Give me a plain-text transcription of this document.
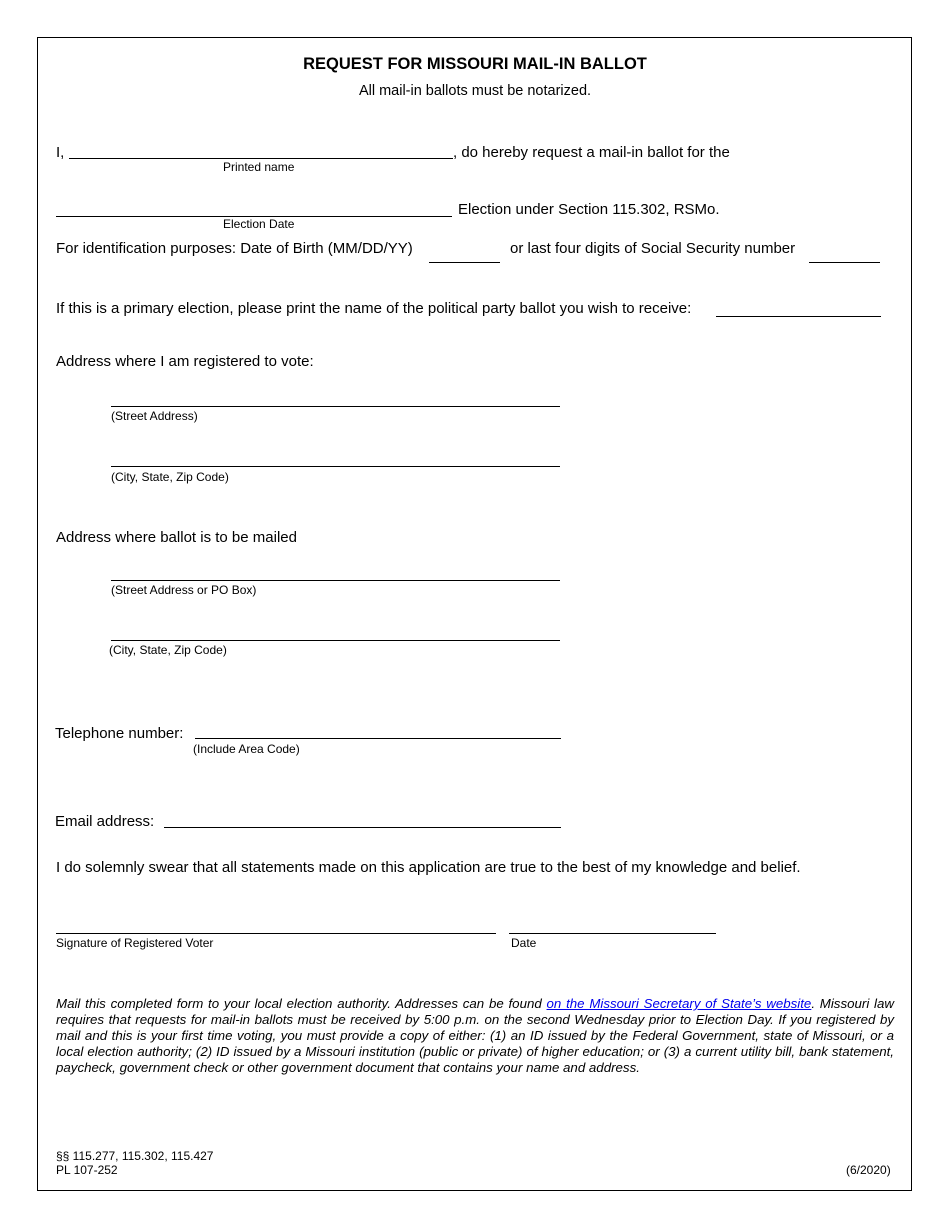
REQUEST FOR MISSOURI MAIL-IN BALLOT
All mail-in ballots must be notarized.
I,
Printed name
, do hereby request a mail-in ballot for the
Election Date
Election under Section 115.302, RSMo.
For identification purposes: Date of Birth (MM/DD/YY)	or last four digits of Social Security number
If this is a primary election, please print the name of the political party ballot you wish to receive:
Address where I am registered to vote:
(Street Address)
(City, State, Zip Code)
Address where ballot is to be mailed
(Street Address or PO Box)
(City, State, Zip Code)
Telephone number:
(Include Area Code)
Email address:
I do solemnly swear that all statements made on this application are true to the best of my knowledge and belief.
Signature of Registered Voter	Date
Mail this completed form to your local election authority. Addresses can be found on the Missouri Secretary of State’s website. Missouri law requires that requests for mail-in ballots must be received by 5:00 p.m. on the second Wednesday prior to Election Day. If you registered by mail and this is your first time voting, you must provide a copy of either: (1) an ID issued by the Federal Government, state of Missouri, or a local election authority; (2) ID issued by a Missouri institution (public or private) of higher education; or (3) a current utility bill, bank statement, paycheck, government check or other government document that contains your name and address.
§§ 115.277, 115.302, 115.427
PL 107-252	(6/2020)
